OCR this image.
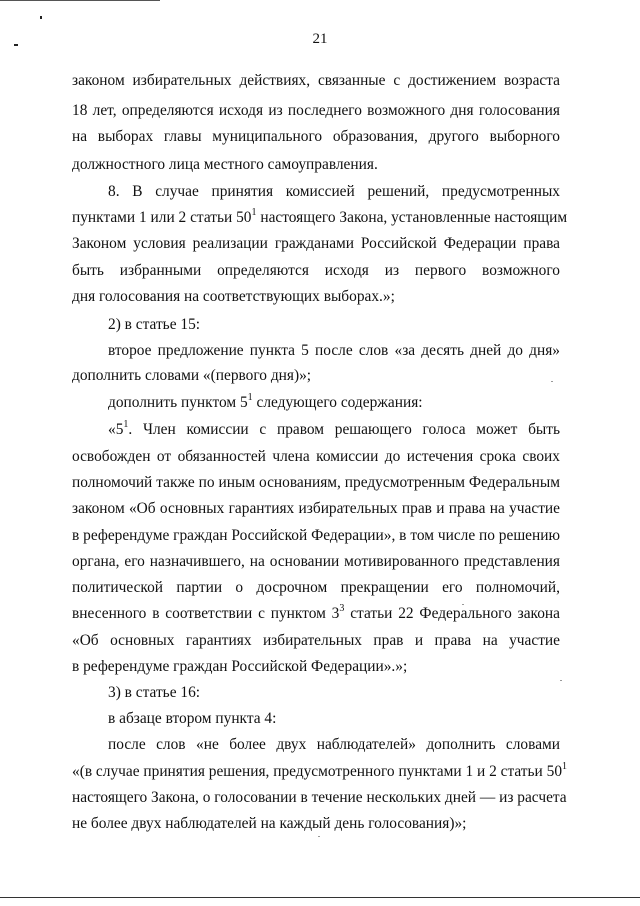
21
законом избирательных действиях, связанные с достижением возраста
18 лет, определяются исходя из последнего возможного дня голосования
на выборах главы муниципального образования, другого выборного
должностного лица местного самоуправления.
8. В случае принятия комиссией решений, предусмотренных
пунктами 1 или 2 статьи $50^1$ настоящего Закона, установленные настоящим
Законом условия реализации гражданами Российской Федерации права
быть избранными определяются исходя из первого возможного
дня голосования на соответствующих выборах.»;
2) в статье 15:
второе предложение пункта 5 после слов «за десять дней до дня»
дополнить словами «(первого дня)»;
дополнить пунктом $5^1$ следующего содержания:
«$5^1$. Член комиссии с правом решающего голоса может быть
освобожден от обязанностей члена комиссии до истечения срока своих
полномочий также по иным основаниям, предусмотренным Федеральным
законом «Об основных гарантиях избирательных прав и права на участие
в референдуме граждан Российской Федерации», в том числе по решению
органа, его назначившего, на основании мотивированного представления
политической партии о досрочном прекращении его полномочий,
внесенного в соответствии с пунктом $3^3$ статьи 22 Федерального закона
«Об основных гарантиях избирательных прав и права на участие
в референдуме граждан Российской Федерации».»;
3) в статье 16:
в абзаце втором пункта 4:
после слов «не более двух наблюдателей» дополнить словами
«(в случае принятия решения, предусмотренного пунктами 1 и 2 статьи $50^1$
настоящего Закона, о голосовании в течение нескольких дней — из расчета
не более двух наблюдателей на каждый день голосования)»;
